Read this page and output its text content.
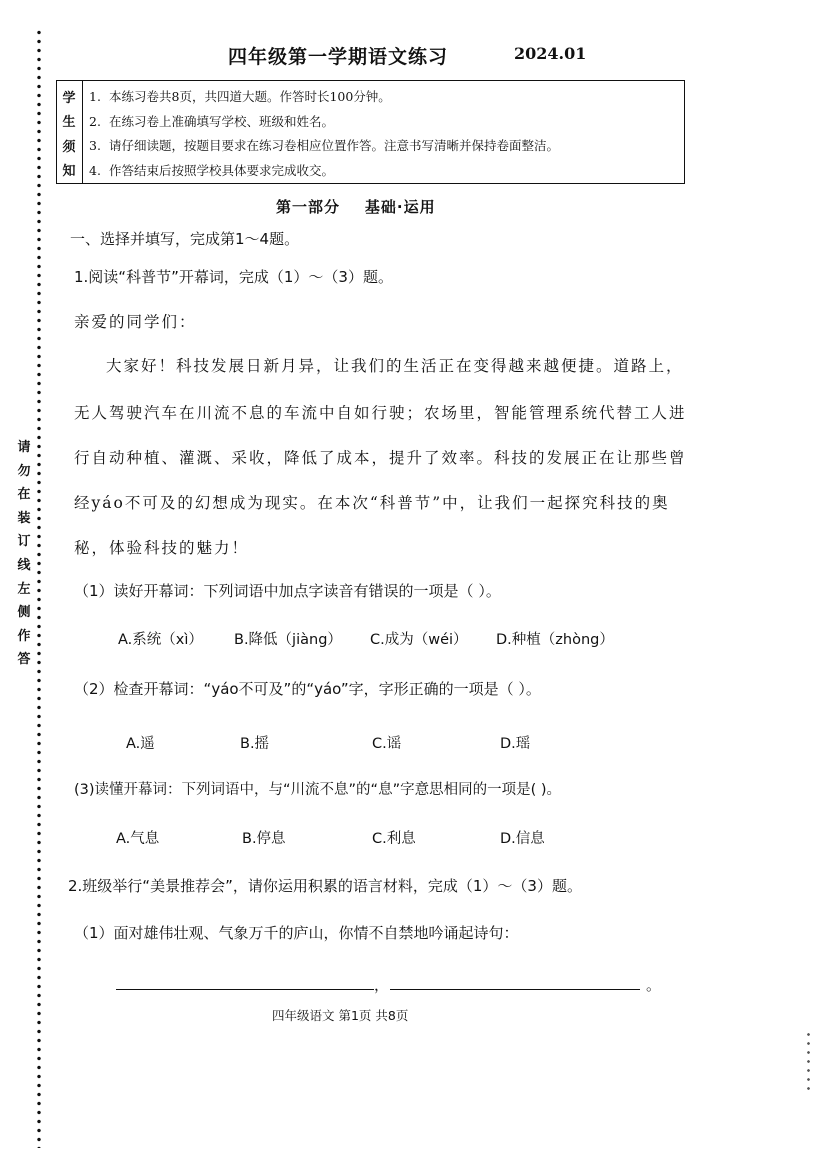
请勿在装订线左侧作答
四年级第一学期语文练习	2024.01
学
生
须
知
1. 本练习卷共8页，共四道大题。作答时长100分钟。
2. 在练习卷上准确填写学校、班级和姓名。
3. 请仔细读题，按题目要求在练习卷相应位置作答。注意书写清晰并保持卷面整洁。
4. 作答结束后按照学校具体要求完成收交。
第一部分    基础·运用
一、选择并填写，完成第1～4题。
1.阅读“科普节”开幕词，完成（1）～（3）题。
亲爱的同学们：
大家好！科技发展日新月异，让我们的生活正在变得越来越便捷。道路上，
无人驾驶汽车在川流不息的车流中自如行驶；农场里，智能管理系统代替工人进
行自动种植、灌溉、采收，降低了成本，提升了效率。科技的发展正在让那些曾
经yáo不可及的幻想成为现实。在本次“科普节”中，让我们一起探究科技的奥
秘，体验科技的魅力！
（1）读好开幕词：下列词语中加点字读音有错误的一项是（ ）。
A.系统（xì） B.降低（jiàng） C.成为（wéi） D.种植（zhòng）
（2）检查开幕词：“yáo不可及”的“yáo”字，字形正确的一项是（ ）。
A.遥	B.摇	C.谣	D.瑶
(3)读懂开幕词：下列词语中，与“川流不息”的“息”字意思相同的一项是( )。
A.气息	B.停息	C.利息	D.信息
2.班级举行“美景推荐会”，请你运用积累的语言材料，完成（1）～（3）题。
（1）面对雄伟壮观、气象万千的庐山，你情不自禁地吟诵起诗句：
，	。
四年级语文 第1页 共8页
